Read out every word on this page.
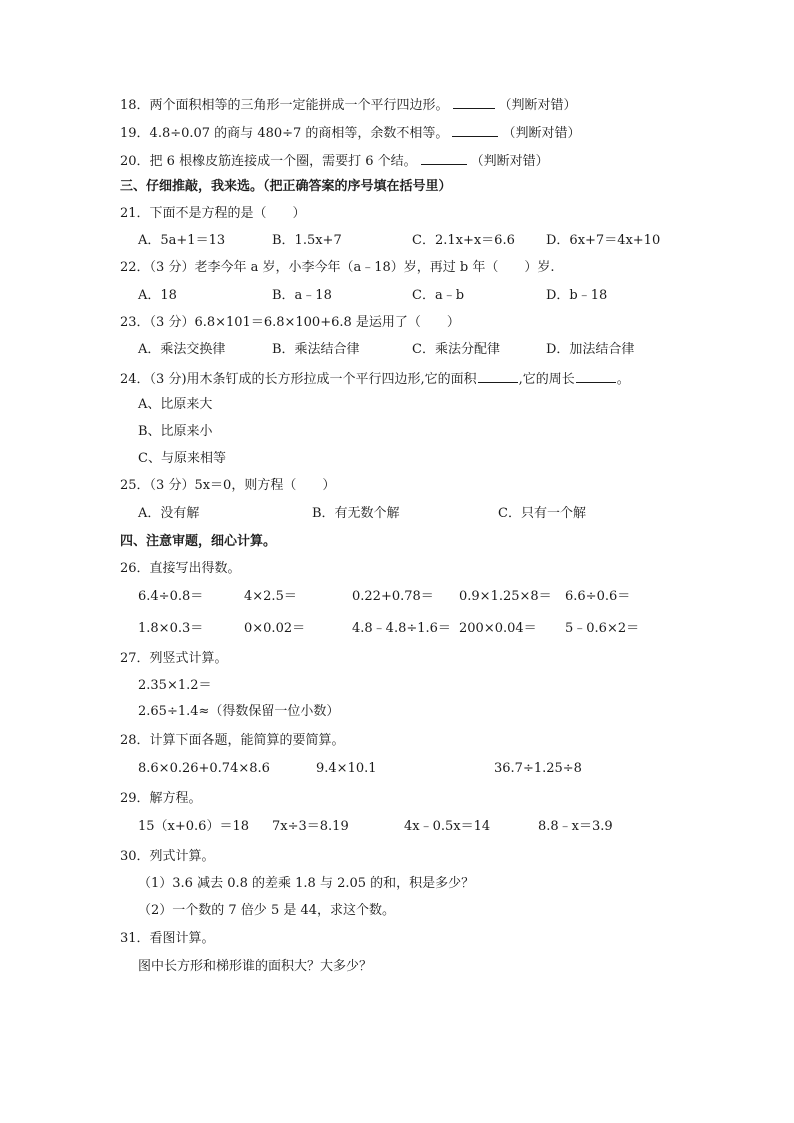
18．两个面积相等的三角形一定能拼成一个平行四边形。	（判断对错）
19．4.8÷0.07 的商与 480÷7 的商相等，余数不相等。	（判断对错）
20．把 6 根橡皮筋连接成一个圈，需要打 6 个结。	（判断对错）
三、仔细推敲，我来选。（把正确答案的序号填在括号里）
21．下面不是方程的是（　　）
A．5a+1＝13	B．1.5x+7	C．2.1x+x＝6.6 D．6x+7＝4x+10
22．（3 分）老李今年 a 岁，小李今年（a﹣18）岁，再过 b 年（　　）岁.
A．18	B．a﹣18	C．a﹣b	D．b﹣18
23．（3 分）6.8×101＝6.8×100+6.8 是运用了（　　）
A．乘法交换律	B．乘法结合律	C．乘法分配律	D．加法结合律
24．（3 分)用木条钉成的长方形拉成一个平行四边形,它的面积	,它的周长	。
A、比原来大
B、比原来小
C、与原来相等
25．（3 分）5x＝0，则方程（　　）
A．没有解	B．有无数个解	C．只有一个解
四、注意审题，细心计算。
26．直接写出得数。
6.4÷0.8＝	4×2.5＝	0.22+0.78＝ 0.9×1.25×8＝ 6.6÷0.6＝
1.8×0.3＝	0×0.02＝	4.8﹣4.8÷1.6＝ 200×0.04＝ 5﹣0.6×2＝
27．列竖式计算。
2.35×1.2＝
2.65÷1.4≈（得数保留一位小数）
28．计算下面各题，能简算的要简算。
8.6×0.26+0.74×8.6	9.4×10.1	36.7÷1.25÷8
29．解方程。
15（x+0.6）＝18 7x÷3＝8.19	4x﹣0.5x＝14	8.8﹣x＝3.9
30．列式计算。
（1）3.6 减去 0.8 的差乘 1.8 与 2.05 的和，积是多少？
（2）一个数的 7 倍少 5 是 44，求这个数。
31．看图计算。
图中长方形和梯形谁的面积大？大多少？
